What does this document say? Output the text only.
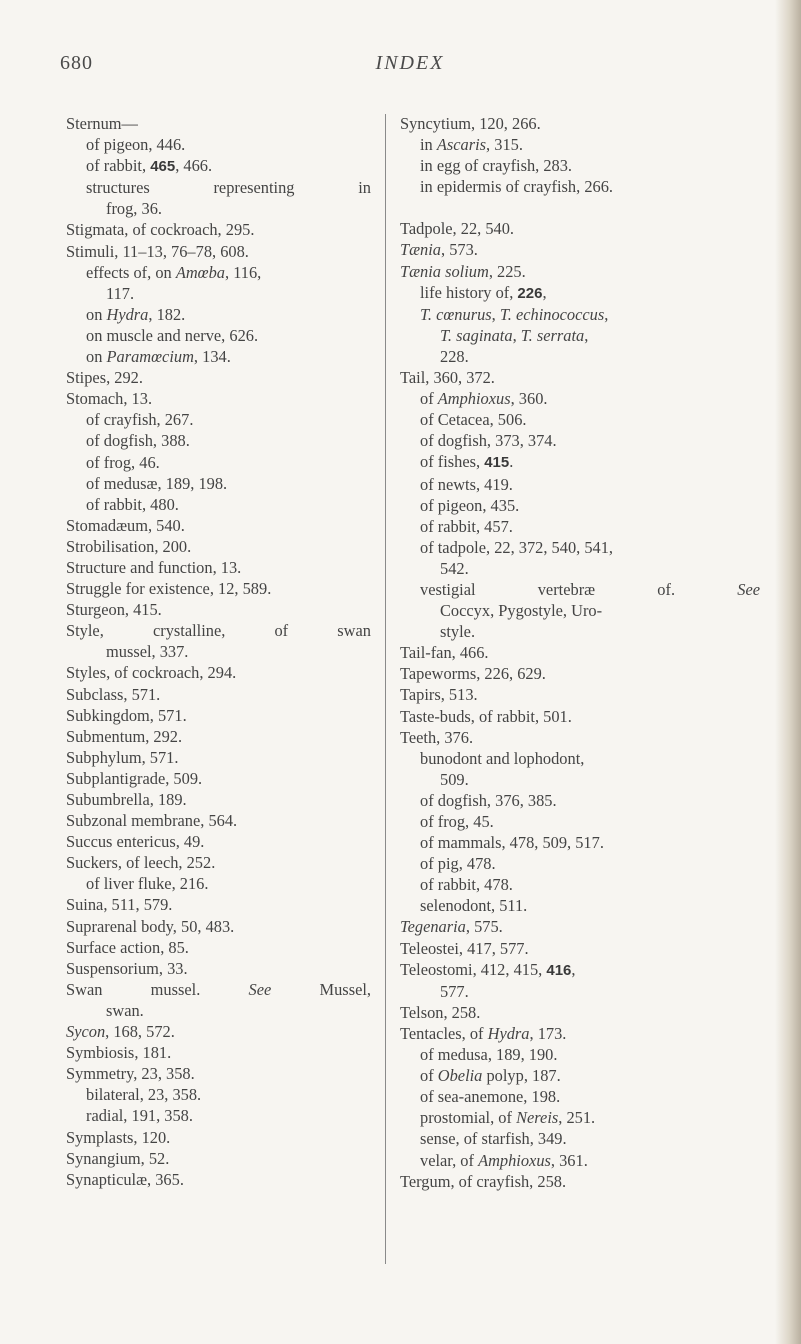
680	INDEX
Sternum—
of pigeon, 446.
of rabbit, 465, 466.
structures representing in
frog, 36.
Stigmata, of cockroach, 295.
Stimuli, 11–13, 76–78, 608.
effects of, on Amœba, 116,
117.
on Hydra, 182.
on muscle and nerve, 626.
on Paramœcium, 134.
Stipes, 292.
Stomach, 13.
of crayfish, 267.
of dogfish, 388.
of frog, 46.
of medusæ, 189, 198.
of rabbit, 480.
Stomadæum, 540.
Strobilisation, 200.
Structure and function, 13.
Struggle for existence, 12, 589.
Sturgeon, 415.
Style, crystalline, of swan
mussel, 337.
Styles, of cockroach, 294.
Subclass, 571.
Subkingdom, 571.
Submentum, 292.
Subphylum, 571.
Subplantigrade, 509.
Subumbrella, 189.
Subzonal membrane, 564.
Succus entericus, 49.
Suckers, of leech, 252.
of liver fluke, 216.
Suina, 511, 579.
Suprarenal body, 50, 483.
Surface action, 85.
Suspensorium, 33.
Swan mussel. See Mussel,
swan.
Sycon, 168, 572.
Symbiosis, 181.
Symmetry, 23, 358.
bilateral, 23, 358.
radial, 191, 358.
Symplasts, 120.
Synangium, 52.
Synapticulæ, 365.
Syncytium, 120, 266.
in Ascaris, 315.
in egg of crayfish, 283.
in epidermis of crayfish, 266.
Tadpole, 22, 540.
Tænia, 573.
Tænia solium, 225.
life history of, 226,
T. cœnurus, T. echinococcus,
T. saginata, T. serrata,
228.
Tail, 360, 372.
of Amphioxus, 360.
of Cetacea, 506.
of dogfish, 373, 374.
of fishes, 415.
of newts, 419.
of pigeon, 435.
of rabbit, 457.
of tadpole, 22, 372, 540, 541,
542.
vestigial vertebræ of. See
Coccyx, Pygostyle, Uro-
style.
Tail-fan, 466.
Tapeworms, 226, 629.
Tapirs, 513.
Taste-buds, of rabbit, 501.
Teeth, 376.
bunodont and lophodont,
509.
of dogfish, 376, 385.
of frog, 45.
of mammals, 478, 509, 517.
of pig, 478.
of rabbit, 478.
selenodont, 511.
Tegenaria, 575.
Teleostei, 417, 577.
Teleostomi, 412, 415, 416,
577.
Telson, 258.
Tentacles, of Hydra, 173.
of medusa, 189, 190.
of Obelia polyp, 187.
of sea-anemone, 198.
prostomial, of Nereis, 251.
sense, of starfish, 349.
velar, of Amphioxus, 361.
Tergum, of crayfish, 258.
